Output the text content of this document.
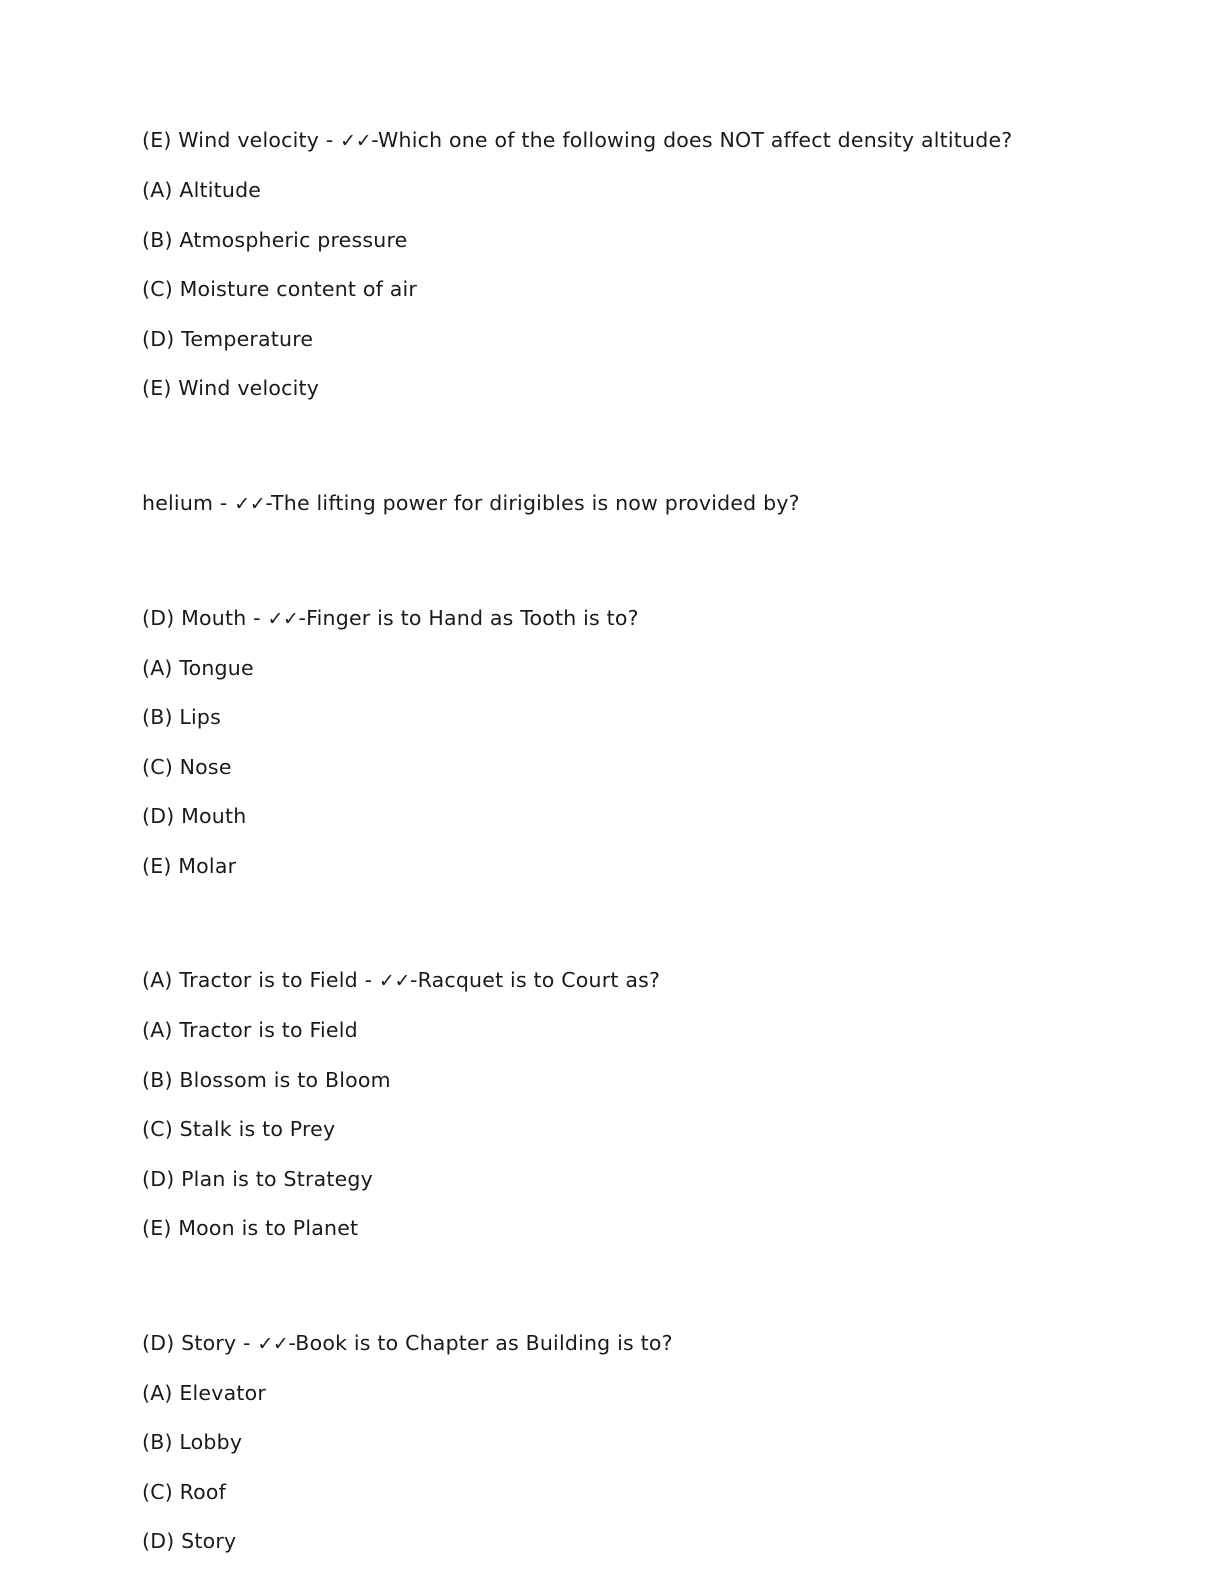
(E) Wind velocity - ✓✓-Which one of the following does NOT affect density altitude?

(A) Altitude

(B) Atmospheric pressure

(C) Moisture content of air

(D) Temperature

(E) Wind velocity

helium - ✓✓-The lifting power for dirigibles is now provided by?

(D) Mouth - ✓✓-Finger is to Hand as Tooth is to?

(A) Tongue

(B) Lips

(C) Nose

(D) Mouth

(E) Molar

(A) Tractor is to Field - ✓✓-Racquet is to Court as?

(A) Tractor is to Field

(B) Blossom is to Bloom

(C) Stalk is to Prey

(D) Plan is to Strategy

(E) Moon is to Planet

(D) Story - ✓✓-Book is to Chapter as Building is to?

(A) Elevator

(B) Lobby

(C) Roof

(D) Story
